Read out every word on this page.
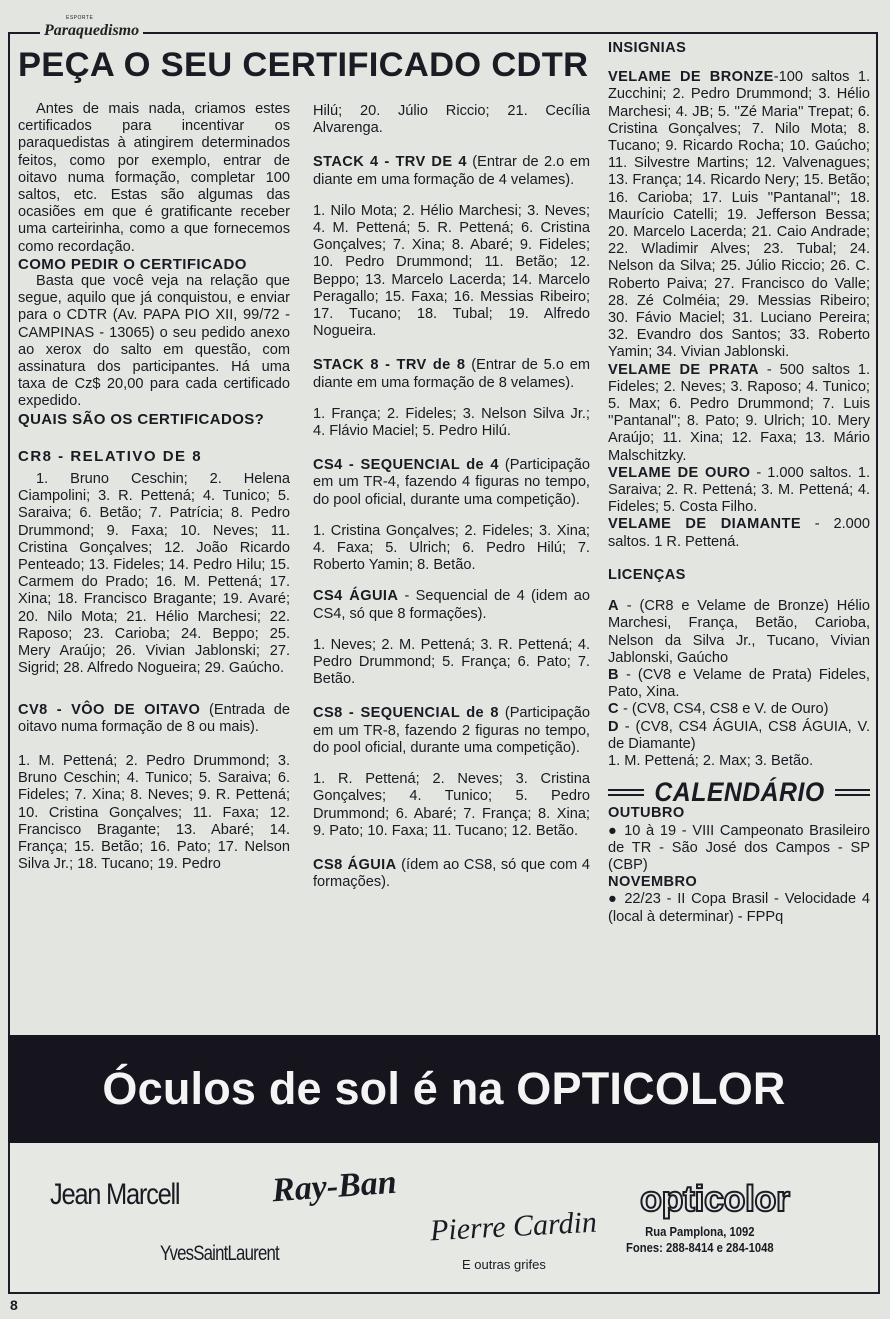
Paraquedismo
ESPORTE
PEÇA O SEU CERTIFICADO CDTR

Antes de mais nada, criamos estes certificados para incentivar os paraquedistas à atingirem determinados feitos, como por exemplo, entrar de oitavo numa formação, completar 100 saltos, etc. Estas são algumas das ocasiões em que é gratificante receber uma carteirinha, como a que fornecemos como recordação.

COMO PEDIR O CERTIFICADO

Basta que você veja na relação que segue, aquilo que já conquistou, e enviar para o CDTR (Av. PAPA PIO XII, 99/72 - CAMPINAS - 13065) o seu pedido anexo ao xerox do salto em questão, com assinatura dos participantes. Há uma taxa de Cz$ 20,00 para cada certificado expedido.

QUAIS SÃO OS CERTIFICADOS?

CR8 - RELATIVO DE 8

1. Bruno Ceschin; 2. Helena Ciampolini; 3. R. Pettená; 4. Tunico; 5. Saraiva; 6. Betão; 7. Patrícia; 8. Pedro Drummond; 9. Faxa; 10. Neves; 11. Cristina Gonçalves; 12. João Ricardo Penteado; 13. Fideles; 14. Pedro Hilu; 15. Carmem do Prado; 16. M. Pettená; 17. Xina; 18. Francisco Bragante; 19. Avaré; 20. Nilo Mota; 21. Hélio Marchesi; 22. Raposo; 23. Carioba; 24. Beppo; 25. Mery Araújo; 26. Vivian Jablonski; 27. Sigrid; 28. Alfredo Nogueira; 29. Gaúcho.

CV8 - VÔO DE OITAVO (Entrada de oitavo numa formação de 8 ou mais).

1. M. Pettená; 2. Pedro Drummond; 3. Bruno Ceschin; 4. Tunico; 5. Saraiva; 6. Fideles; 7. Xina; 8. Neves; 9. R. Pettená; 10. Cristina Gonçalves; 11. Faxa; 12. Francisco Bragante; 13. Abaré; 14. França; 15. Betão; 16. Pato; 17. Nelson Silva Jr.; 18. Tucano; 19. Pedro

Hilú; 20. Júlio Riccio; 21. Cecília Alvarenga.

STACK 4 - TRV DE 4 (Entrar de 2.o em diante em uma formação de 4 velames).

1. Nilo Mota; 2. Hélio Marchesi; 3. Neves; 4. M. Pettená; 5. R. Pettená; 6. Cristina Gonçalves; 7. Xina; 8. Abaré; 9. Fideles; 10. Pedro Drummond; 11. Betão; 12. Beppo; 13. Marcelo Lacerda; 14. Marcelo Peragallo; 15. Faxa; 16. Messias Ribeiro; 17. Tucano; 18. Tubal; 19. Alfredo Nogueira.

STACK 8 - TRV de 8 (Entrar de 5.o em diante em uma formação de 8 velames).

1. França; 2. Fideles; 3. Nelson Silva Jr.; 4. Flávio Maciel; 5. Pedro Hilú.

CS4 - SEQUENCIAL de 4 (Participação em um TR-4, fazendo 4 figuras no tempo, do pool oficial, durante uma competição).

1. Cristina Gonçalves; 2. Fideles; 3. Xina; 4. Faxa; 5. Ulrich; 6. Pedro Hilú; 7. Roberto Yamin; 8. Betão.

CS4 ÁGUIA - Sequencial de 4 (idem ao CS4, só que 8 formações).

1. Neves; 2. M. Pettená; 3. R. Pettená; 4. Pedro Drummond; 5. França; 6. Pato; 7. Betão.

CS8 - SEQUENCIAL de 8 (Participação em um TR-8, fazendo 2 figuras no tempo, do pool oficial, durante uma competição).

1. R. Pettená; 2. Neves; 3. Cristina Gonçalves; 4. Tunico; 5. Pedro Drummond; 6. Abaré; 7. França; 8. Xina; 9. Pato; 10. Faxa; 11. Tucano; 12. Betão.

CS8 ÁGUIA (ídem ao CS8, só que com 4 formações).

INSIGNIAS

VELAME DE BRONZE-100 saltos 1. Zucchini; 2. Pedro Drummond; 3. Hélio Marchesi; 4. JB; 5. ''Zé Maria'' Trepat; 6. Cristina Gonçalves; 7. Nilo Mota; 8. Tucano; 9. Ricardo Rocha; 10. Gaúcho; 11. Silvestre Martins; 12. Valvenagues; 13. França; 14. Ricardo Nery; 15. Betão; 16. Carioba; 17. Luis ''Pantanal''; 18. Maurício Catelli; 19. Jefferson Bessa; 20. Marcelo Lacerda; 21. Caio Andrade; 22. Wladimir Alves; 23. Tubal; 24. Nelson da Silva; 25. Júlio Riccio; 26. C. Roberto Paiva; 27. Francisco do Valle; 28. Zé Colméia; 29. Messias Ribeiro; 30. Fávio Maciel; 31. Luciano Pereira; 32. Evandro dos Santos; 33. Roberto Yamin; 34. Vivian Jablonski.

VELAME DE PRATA - 500 saltos 1. Fideles; 2. Neves; 3. Raposo; 4. Tunico; 5. Max; 6. Pedro Drummond; 7. Luis ''Pantanal''; 8. Pato; 9. Ulrich; 10. Mery Araújo; 11. Xina; 12. Faxa; 13. Mário Malschitzky.

VELAME DE OURO - 1.000 saltos. 1. Saraiva; 2. R. Pettená; 3. M. Pettená; 4. Fideles; 5. Costa Filho.

VELAME DE DIAMANTE - 2.000 saltos. 1 R. Pettená.

LICENÇAS

A - (CR8 e Velame de Bronze) Hélio Marchesi, França, Betão, Carioba, Nelson da Silva Jr., Tucano, Vivian Jablonski, Gaúcho

B - (CV8 e Velame de Prata) Fideles, Pato, Xina.

C - (CV8, CS4, CS8 e V. de Ouro)

D - (CV8, CS4 ÁGUIA, CS8 ÁGUIA, V. de Diamante)

1. M. Pettená; 2. Max; 3. Betão.

CALENDÁRIO

OUTUBRO

● 10 à 19 - VIII Campeonato Brasileiro de TR - São José dos Campos - SP (CBP)

NOVEMBRO

● 22/23 - II Copa Brasil - Velocidade 4 (local à determinar) - FPPq

Óculos de sol é na OPTICOLOR
Jean Marcell	Ray-Ban
YvesSaintLaurent
Pierre Cardin
E outras grifes
opticolor
Rua Pamplona, 1092
Fones: 288-8414 e 284-1048
8
